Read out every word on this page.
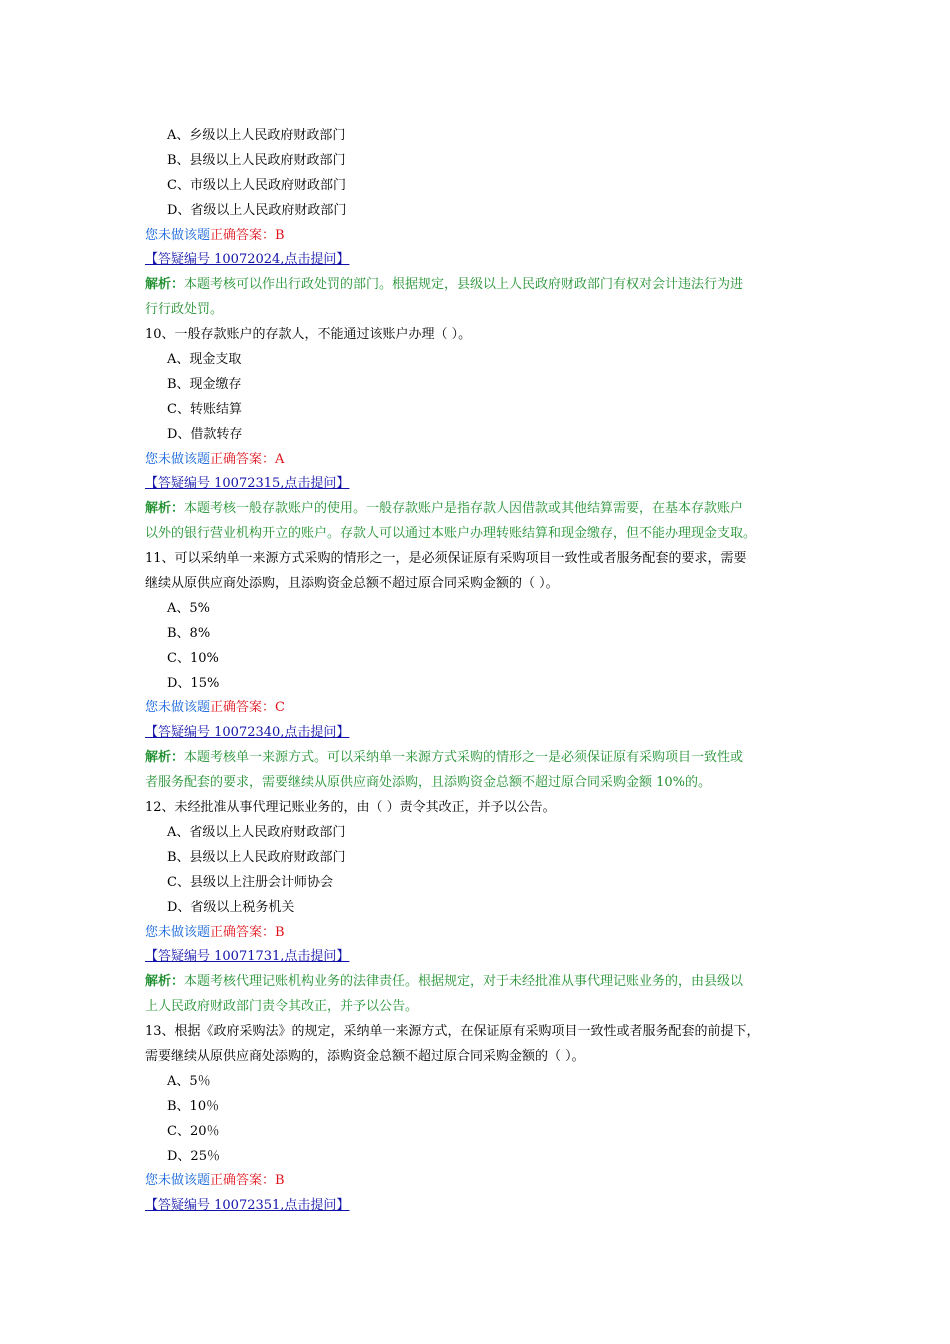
A、乡级以上人民政府财政部门
B、县级以上人民政府财政部门
C、市级以上人民政府财政部门
D、省级以上人民政府财政部门
您未做该题正确答案：B
【答疑编号 10072024,点击提问】
解析：本题考核可以作出行政处罚的部门。根据规定，县级以上人民政府财政部门有权对会计违法行为进
行行政处罚。
10、一般存款账户的存款人，不能通过该账户办理（ ）。
A、现金支取
B、现金缴存
C、转账结算
D、借款转存
您未做该题正确答案：A
【答疑编号 10072315,点击提问】
解析：本题考核一般存款账户的使用。一般存款账户是指存款人因借款或其他结算需要，在基本存款账户
以外的银行营业机构开立的账户。存款人可以通过本账户办理转账结算和现金缴存，但不能办理现金支取。
11、可以采纳单一来源方式采购的情形之一，是必须保证原有采购项目一致性或者服务配套的要求，需要
继续从原供应商处添购，且添购资金总额不超过原合同采购金额的（ ）。
A、5%
B、8%
C、10%
D、15%
您未做该题正确答案：C
【答疑编号 10072340,点击提问】
解析：本题考核单一来源方式。可以采纳单一来源方式采购的情形之一是必须保证原有采购项目一致性或
者服务配套的要求，需要继续从原供应商处添购，且添购资金总额不超过原合同采购金额 10%的。
12、未经批准从事代理记账业务的，由（ ）责令其改正，并予以公告。
A、省级以上人民政府财政部门
B、县级以上人民政府财政部门
C、县级以上注册会计师协会
D、省级以上税务机关
您未做该题正确答案：B
【答疑编号 10071731,点击提问】
解析：本题考核代理记账机构业务的法律责任。根据规定，对于未经批准从事代理记账业务的，由县级以
上人民政府财政部门责令其改正，并予以公告。
13、根据《政府采购法》的规定，采纳单一来源方式，在保证原有采购项目一致性或者服务配套的前提下，
需要继续从原供应商处添购的，添购资金总额不超过原合同采购金额的（ ）。
A、5％
B、10％
C、20％
D、25％
您未做该题正确答案：B
【答疑编号 10072351,点击提问】
